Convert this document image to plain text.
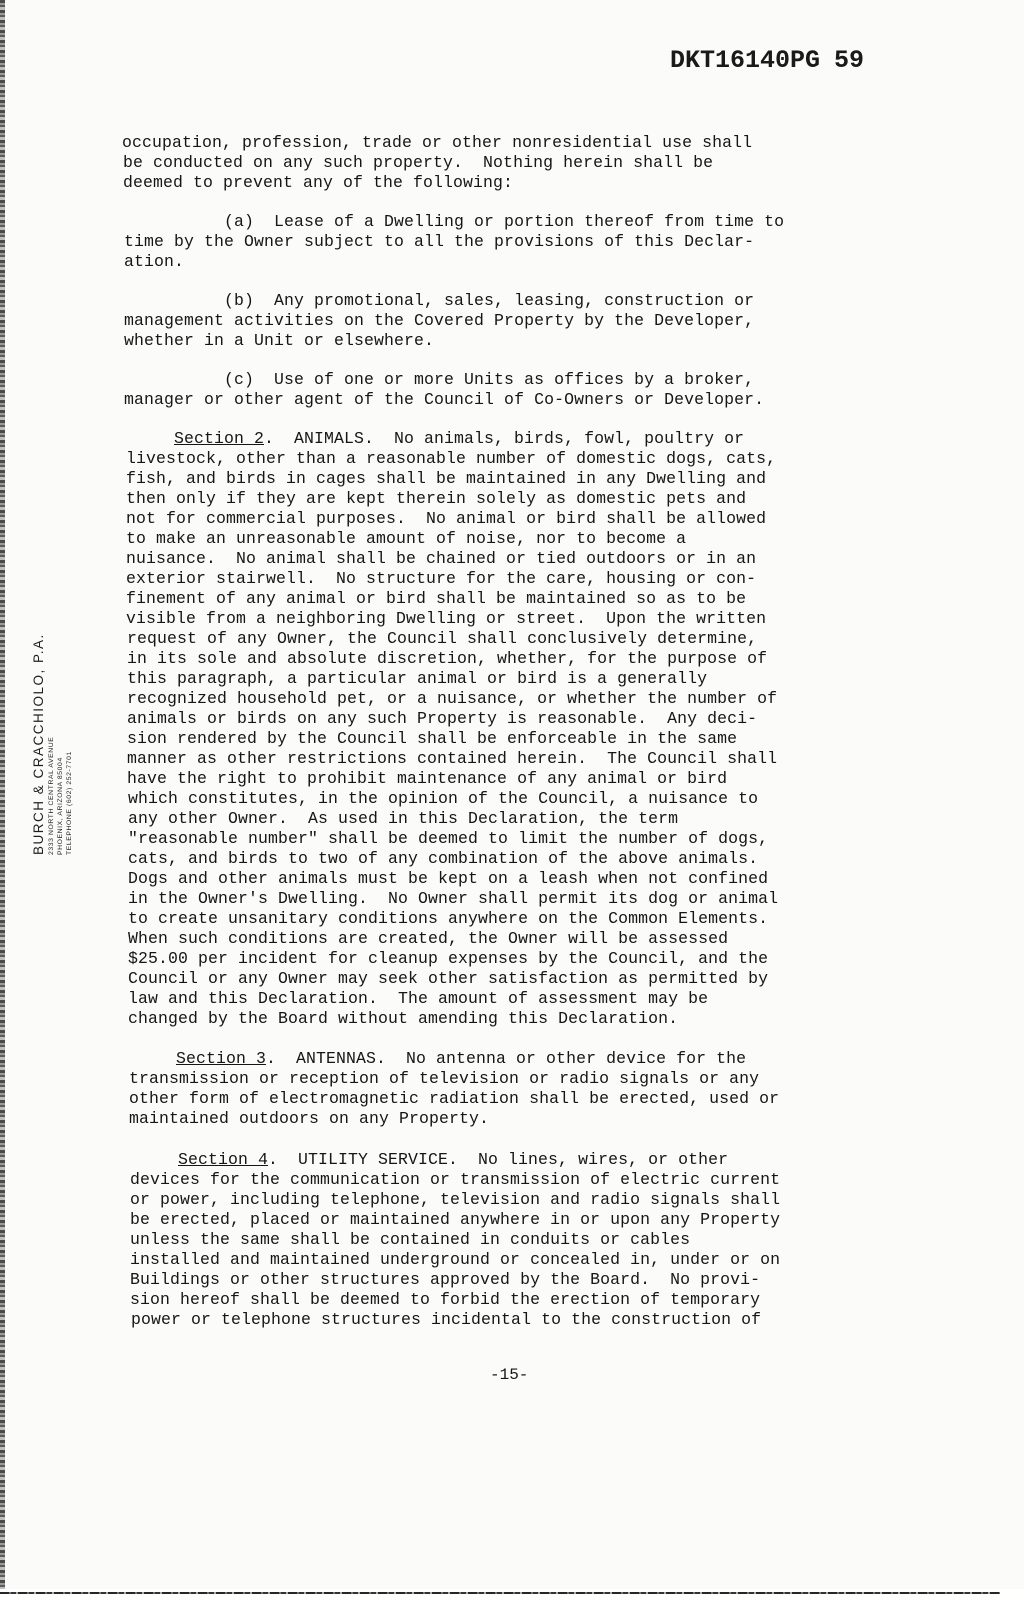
DKT16140PG 59
BURCH & CRACCHIOLO, P.A. 2333 NORTH CENTRAL AVENUE PHOENIX, ARIZONA 85004 TELEPHONE (602) 252-7701
occupation, profession, trade or other nonresidential use shall
be conducted on any such property.  Nothing herein shall be
deemed to prevent any of the following:
(a)  Lease of a Dwelling or portion thereof from time to
time by the Owner subject to all the provisions of this Declar-
ation.
(b)  Any promotional, sales, leasing, construction or
management activities on the Covered Property by the Developer,
whether in a Unit or elsewhere.
(c)  Use of one or more Units as offices by a broker,
manager or other agent of the Council of Co-Owners or Developer.
Section 2.  ANIMALS.  No animals, birds, fowl, poultry or
livestock, other than a reasonable number of domestic dogs, cats,
fish, and birds in cages shall be maintained in any Dwelling and
then only if they are kept therein solely as domestic pets and
not for commercial purposes.  No animal or bird shall be allowed
to make an unreasonable amount of noise, nor to become a
nuisance.  No animal shall be chained or tied outdoors or in an
exterior stairwell.  No structure for the care, housing or con-
finement of any animal or bird shall be maintained so as to be
visible from a neighboring Dwelling or street.  Upon the written
request of any Owner, the Council shall conclusively determine,
in its sole and absolute discretion, whether, for the purpose of
this paragraph, a particular animal or bird is a generally
recognized household pet, or a nuisance, or whether the number of
animals or birds on any such Property is reasonable.  Any deci-
sion rendered by the Council shall be enforceable in the same
manner as other restrictions contained herein.  The Council shall
have the right to prohibit maintenance of any animal or bird
which constitutes, in the opinion of the Council, a nuisance to
any other Owner.  As used in this Declaration, the term
"reasonable number" shall be deemed to limit the number of dogs,
cats, and birds to two of any combination of the above animals.
Dogs and other animals must be kept on a leash when not confined
in the Owner's Dwelling.  No Owner shall permit its dog or animal
to create unsanitary conditions anywhere on the Common Elements.
When such conditions are created, the Owner will be assessed
$25.00 per incident for cleanup expenses by the Council, and the
Council or any Owner may seek other satisfaction as permitted by
law and this Declaration.  The amount of assessment may be
changed by the Board without amending this Declaration.
Section 3.  ANTENNAS.  No antenna or other device for the
transmission or reception of television or radio signals or any
other form of electromagnetic radiation shall be erected, used or
maintained outdoors on any Property.
Section 4.  UTILITY SERVICE.  No lines, wires, or other
devices for the communication or transmission of electric current
or power, including telephone, television and radio signals shall
be erected, placed or maintained anywhere in or upon any Property
unless the same shall be contained in conduits or cables
installed and maintained underground or concealed in, under or on
Buildings or other structures approved by the Board.  No provi-
sion hereof shall be deemed to forbid the erection of temporary
power or telephone structures incidental to the construction of
-15-
